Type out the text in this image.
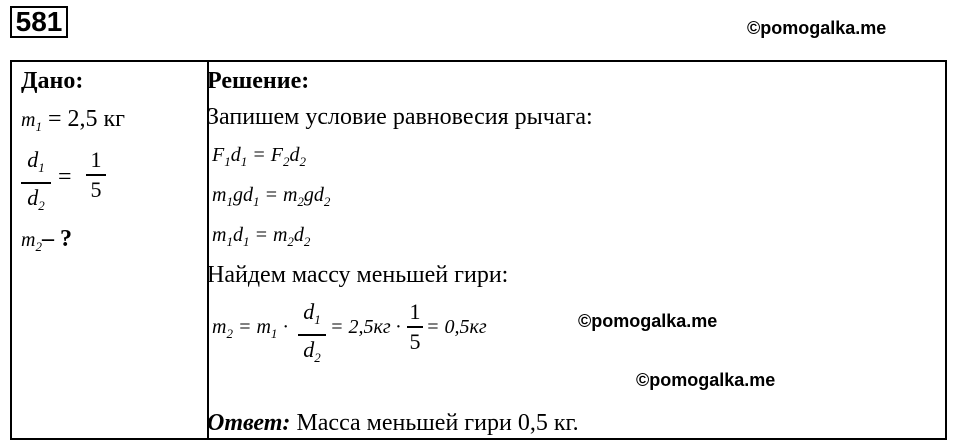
581	©pomogalka.me
Дано:
$m_1 = 2,5$ кг
$d_1$
$d_2$
=
1
5
$m_2-$ ?
Решение:
Запишем условие равновесия рычага:
$F_1d_1 = F_2d_2$
$m_1gd_1 = m_2gd_2$
$m_1d_1 = m_2d_2$
Найдем массу меньшей гири:
$m_2 = m_1$ ·
$d_1$
$d_2$
= 2,5кг ·
1
5
= 0,5кг
Ответ: Масса меньшей гири 0,5 кг.
©pomogalka.me
©pomogalka.me
